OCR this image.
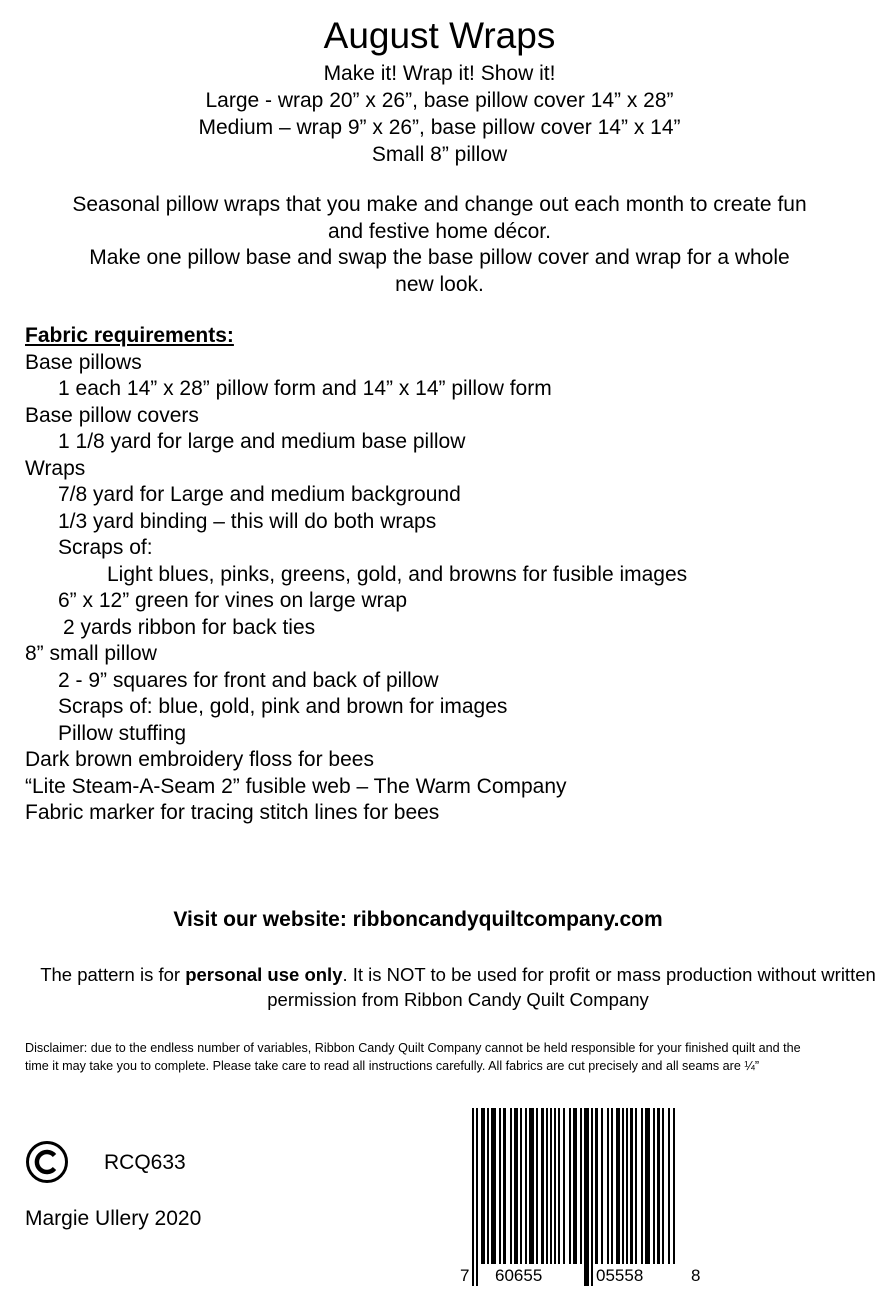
August Wraps
Make it! Wrap it! Show it!
Large - wrap 20” x 26”, base pillow cover 14” x 28”
Medium – wrap 9” x 26”, base pillow cover 14” x 14”
Small 8” pillow

Seasonal pillow wraps that you make and change out each month to create fun and festive home décor.

Make one pillow base and swap the base pillow cover and wrap for a whole new look.

Fabric requirements:
Base pillows
1 each 14” x 28” pillow form and 14” x 14” pillow form
Base pillow covers
1 1/8 yard for large and medium base pillow
Wraps
7/8 yard for Large and medium background
1/3 yard binding – this will do both wraps
Scraps of:
Light blues, pinks, greens, gold, and browns for fusible images
6” x 12” green for vines on large wrap
2 yards ribbon for back ties
8” small pillow
2 - 9” squares for front and back of pillow
Scraps of: blue, gold, pink and brown for images
Pillow stuffing
Dark brown embroidery floss for bees
“Lite Steam-A-Seam 2” fusible web – The Warm Company
Fabric marker for tracing stitch lines for bees
Visit our website: ribboncandyquiltcompany.com
The pattern is for personal use only. It is NOT to be used for profit or mass production without written permission from Ribbon Candy Quilt Company
Disclaimer: due to the endless number of variables, Ribbon Candy Quilt Company cannot be held responsible for your finished quilt and the time it may take you to complete. Please take care to read all instructions carefully. All fabrics are cut precisely and all seams are ¼”
RCQ633
Margie Ullery 2020
7 60655	05558	8
